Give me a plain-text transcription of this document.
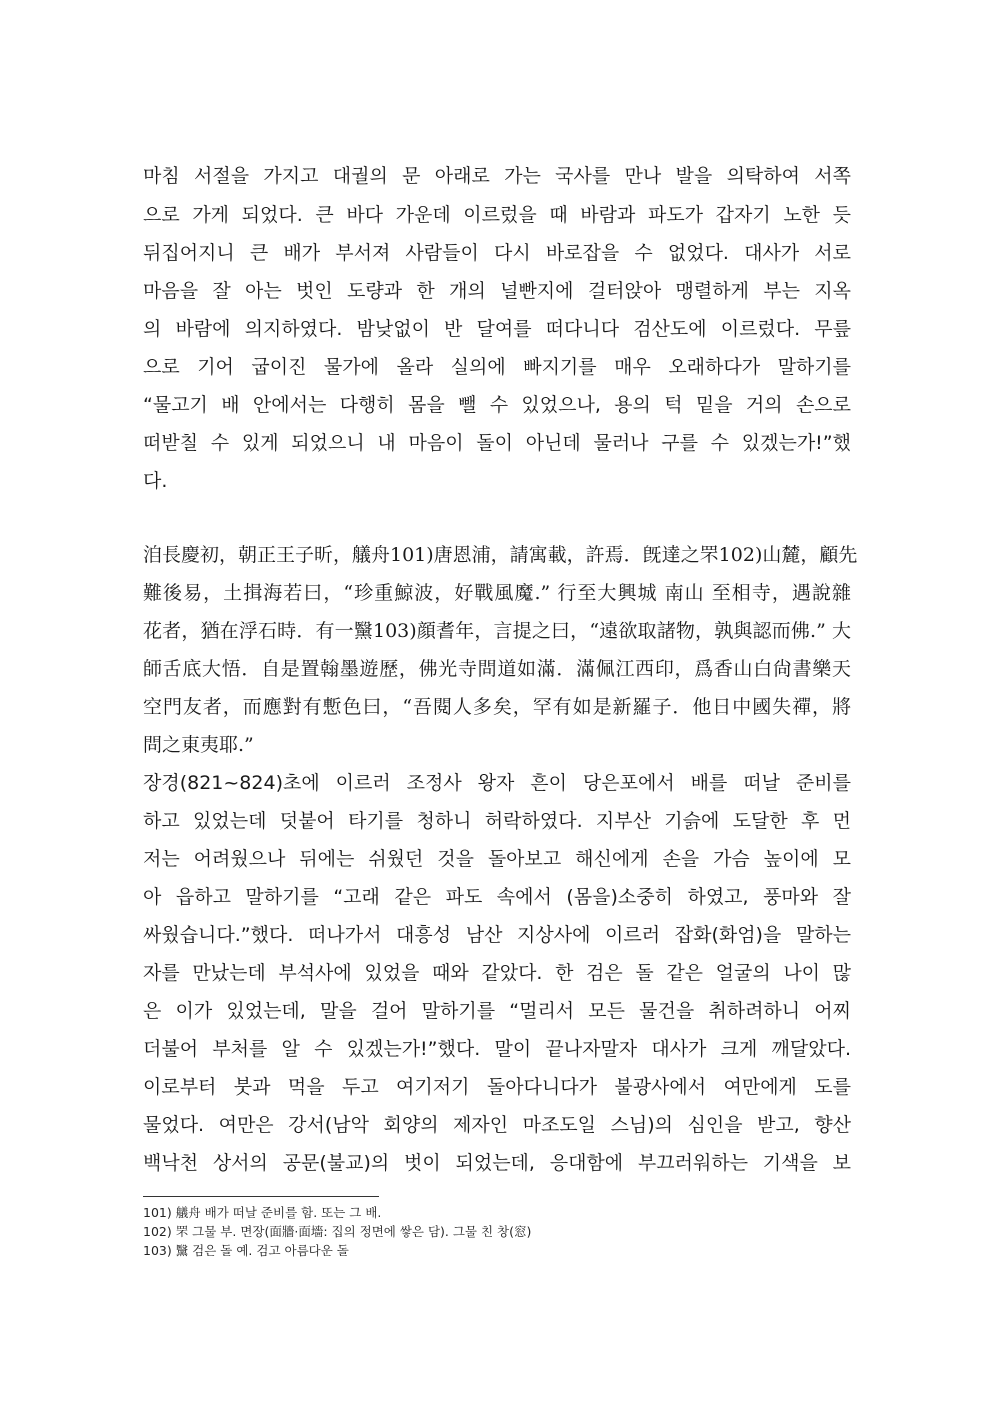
마침 서절을 가지고 대궐의 문 아래로 가는 국사를 만나 발을 의탁하여 서쪽
으로 가게 되었다. 큰 바다 가운데 이르렀을 때 바람과 파도가 갑자기 노한 듯
뒤집어지니 큰 배가 부서져 사람들이 다시 바로잡을 수 없었다. 대사가 서로
마음을 잘 아는 벗인 도량과 한 개의 널빤지에 걸터앉아 맹렬하게 부는 지옥
의 바람에 의지하였다. 밤낮없이 반 달여를 떠다니다 검산도에 이르렀다. 무릎
으로 기어 굽이진 물가에 올라 실의에 빠지기를 매우 오래하다가 말하기를
“물고기 배 안에서는 다행히 몸을 뺄 수 있었으나, 용의 턱 밑을 거의 손으로
떠받칠 수 있게 되었으니 내 마음이 돌이 아닌데 물러나 구를 수 있겠는가!”했
다.
洎長慶初，朝正王子昕，艤舟101)唐恩浦，請寓載，許焉．旣達之罘102)山麓，顧先
難後易，土揖海若曰，“珍重鯨波，好戰風魔.” 行至大興城 南山 至相寺，遇說雜
花者，猶在浮石時．有一黳103)顔耆年，言提之曰，“遠欲取諸物，孰與認而佛.” 大
師舌底大悟．自是置翰墨遊歷，佛光寺問道如滿．滿佩江西印，爲香山白尙書樂天
空門友者，而應對有慙色曰，“吾閱人多矣，罕有如是新羅子．他日中國失禪，將
問之東夷耶.”
장경(821~824)초에 이르러 조정사 왕자 흔이 당은포에서 배를 떠날 준비를
하고 있었는데 덧붙어 타기를 청하니 허락하였다. 지부산 기슭에 도달한 후 먼
저는 어려웠으나 뒤에는 쉬웠던 것을 돌아보고 해신에게 손을 가슴 높이에 모
아 읍하고 말하기를 “고래 같은 파도 속에서 (몸을)소중히 하였고, 풍마와 잘
싸웠습니다.”했다. 떠나가서 대흥성 남산 지상사에 이르러 잡화(화엄)을 말하는
자를 만났는데 부석사에 있었을 때와 같았다. 한 검은 돌 같은 얼굴의 나이 많
은 이가 있었는데, 말을 걸어 말하기를 “멀리서 모든 물건을 취하려하니 어찌
더불어 부처를 알 수 있겠는가!”했다. 말이 끝나자말자 대사가 크게 깨달았다.
이로부터 붓과 먹을 두고 여기저기 돌아다니다가 불광사에서 여만에게 도를
물었다. 여만은 강서(남악 회양의 제자인 마조도일 스님)의 심인을 받고, 향산
백낙천 상서의 공문(불교)의 벗이 되었는데, 응대함에 부끄러워하는 기색을 보
101) 艤舟 배가 떠날 준비를 함. 또는 그 배.
102) 罘 그물 부. 면장(面牆·面墻: 집의 정면에 쌓은 담). 그물 친 창(窓)
103) 黳 검은 돌 예. 검고 아름다운 돌
